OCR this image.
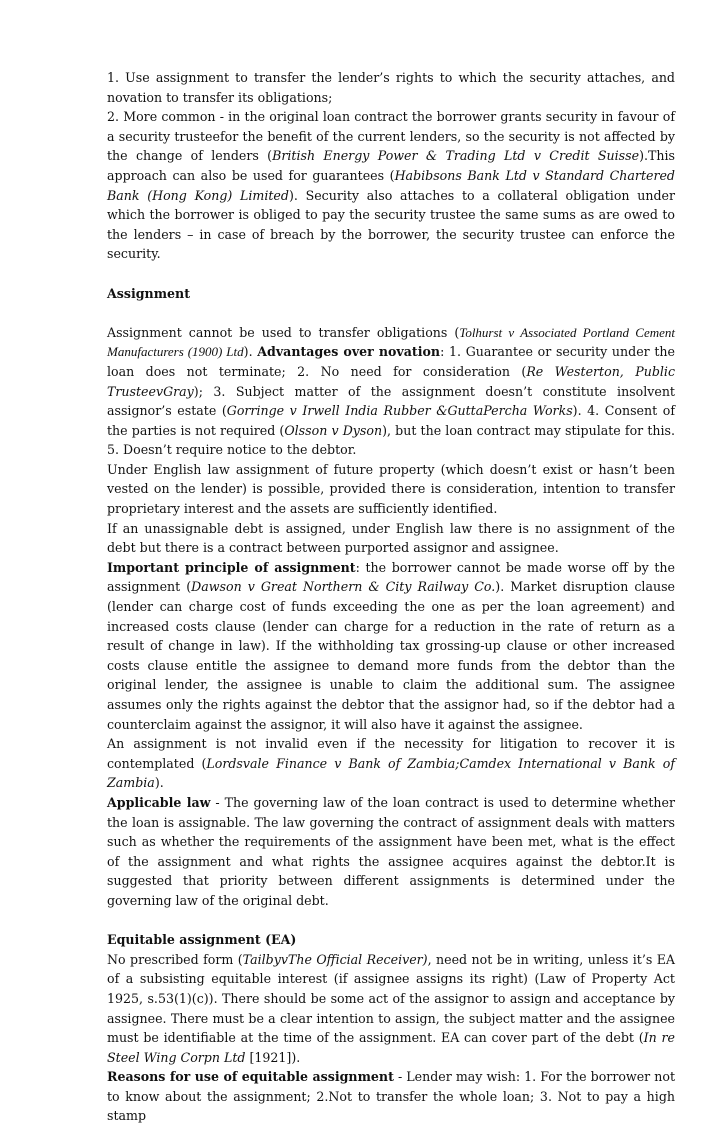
1. Use assignment to transfer the lender’s rights to which the security attaches, and novation to transfer its obligations;

2. More common - in the original loan contract the borrower grants security in favour of a security trusteefor the benefit of the current lenders, so the security is not affected by the change of lenders (British Energy Power & Trading Ltd v Credit Suisse).This approach can also be used for guarantees (Habibsons Bank Ltd v Standard Chartered Bank (Hong Kong) Limited). Security also attaches to a collateral obligation under which the borrower is obliged to pay the security trustee the same sums as are owed to the lenders – in case of breach by the borrower, the security trustee can enforce the security.

Assignment

Assignment cannot be used to transfer obligations (Tolhurst v Associated Portland Cement Manufacturers (1900) Ltd). Advantages over novation: 1. Guarantee or security under the loan does not terminate; 2. No need for consideration (Re Westerton, Public TrusteevGray); 3. Subject matter of the assignment doesn’t constitute insolvent assignor’s estate (Gorringe v Irwell India Rubber &GuttaPercha Works). 4. Consent of the parties is not required (Olsson v Dyson), but the loan contract may stipulate for this. 5. Doesn’t require notice to the debtor.

Under English law assignment of future property (which doesn’t exist or hasn’t been vested on the lender) is possible, provided there is consideration, intention to transfer proprietary interest and the assets are sufficiently identified.

If an unassignable debt is assigned, under English law there is no assignment of the debt but there is a contract between purported assignor and assignee.

Important principle of assignment: the borrower cannot be made worse off by the assignment (Dawson v Great Northern & City Railway Co.). Market disruption clause (lender can charge cost of funds exceeding the one as per the loan agreement) and increased costs clause (lender can charge for a reduction in the rate of return as a result of change in law). If the withholding tax grossing-up clause or other increased costs clause entitle the assignee to demand more funds from the debtor than the original lender, the assignee is unable to claim the additional sum. The assignee assumes only the rights against the debtor that the assignor had, so if the debtor had a counterclaim against the assignor, it will also have it against the assignee.

An assignment is not invalid even if the necessity for litigation to recover it is contemplated (Lordsvale Finance v Bank of Zambia;Camdex International v Bank of Zambia).

Applicable law - The governing law of the loan contract is used to determine whether the loan is assignable. The law governing the contract of assignment deals with matters such as whether the requirements of the assignment have been met, what is the effect of the assignment and what rights the assignee acquires against the debtor.It is suggested that priority between different assignments is determined under the governing law of the original debt.

Equitable assignment (EA)

No prescribed form (TailbyvThe Official Receiver), need not be in writing, unless it’s EA of a subsisting equitable interest (if assignee assigns its right) (Law of Property Act 1925, s.53(1)(c)). There should be some act of the assignor to assign and acceptance by assignee. There must be a clear intention to assign, the subject matter and the assignee must be identifiable at the time of the assignment. EA can cover part of the debt (In re Steel Wing Corpn Ltd [1921]).

Reasons for use of equitable assignment - Lender may wish: 1. For the borrower not to know about the assignment; 2.Not to transfer the whole loan; 3. Not to pay a high stamp
